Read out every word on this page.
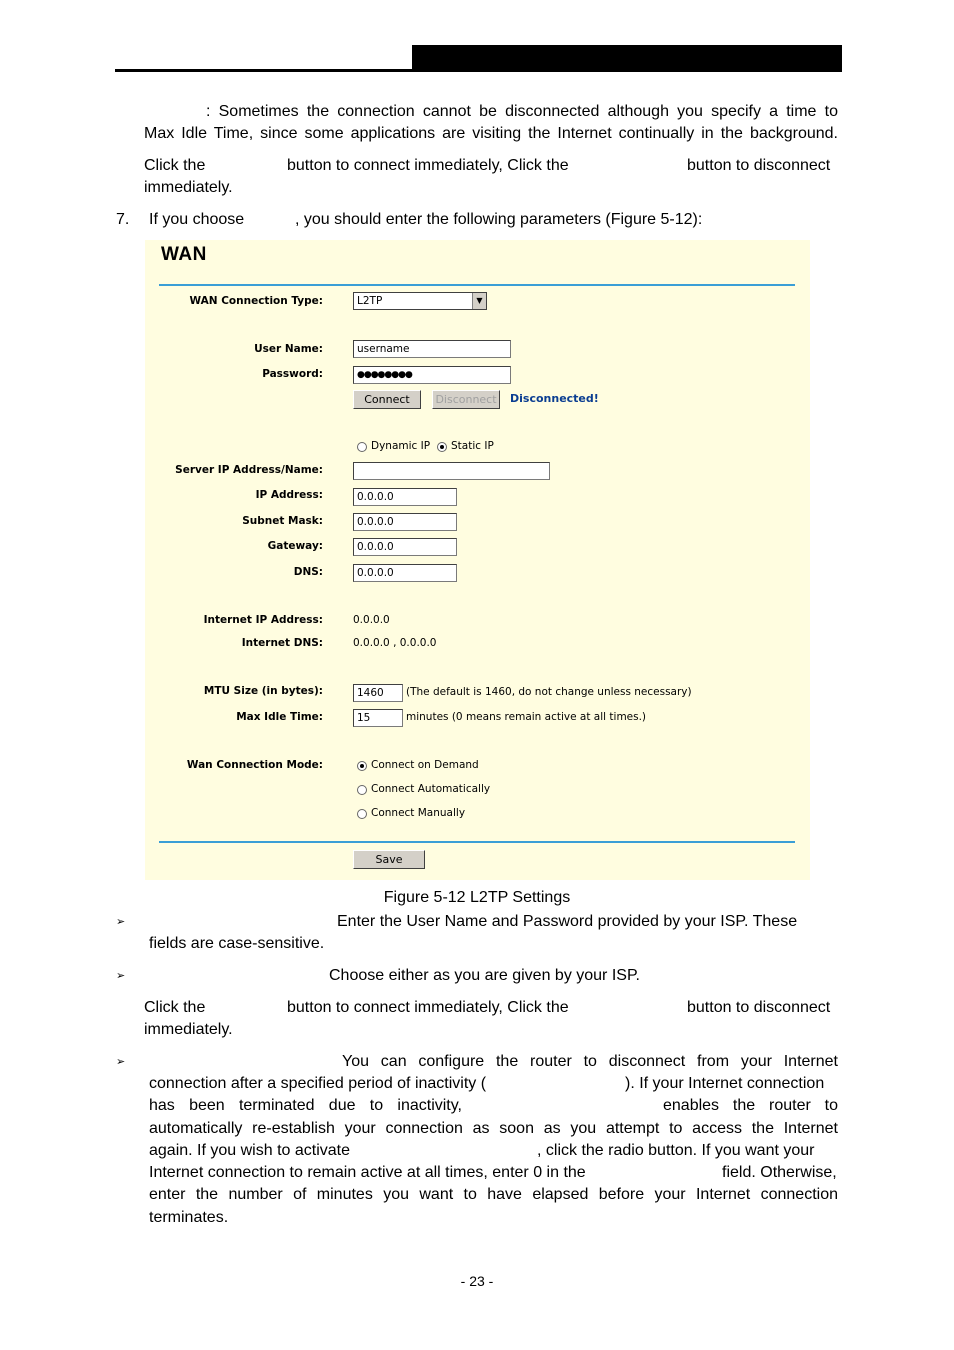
: Sometimes the connection cannot be disconnected although you specify a time to
Max Idle Time, since some applications are visiting the Internet continually in the background.
Click the	button to connect immediately, Click the	button to disconnect
immediately.
7. If you choose	, you should enter the following parameters (Figure 5-12):
WAN
WAN Connection Type:	L2TP	▼
User Name:	username
Password:	●●●●●●●●
Connect	Disconnect	Disconnected!
Dynamic IP Static IP
Server IP Address/Name:
IP Address:	0.0.0.0
Subnet Mask:	0.0.0.0
Gateway:	0.0.0.0
DNS:	0.0.0.0
Internet IP Address:	0.0.0.0
Internet DNS:	0.0.0.0 , 0.0.0.0
MTU Size (in bytes):	1460	(The default is 1460, do not change unless necessary)
Max Idle Time:	15	minutes (0 means remain active at all times.)
Wan Connection Mode:	Connect on Demand
Connect Automatically
Connect Manually
Save
Figure 5-12 L2TP Settings
➢	Enter the User Name and Password provided by your ISP. These
fields are case-sensitive.
➢	Choose either as you are given by your ISP.
Click the	button to connect immediately, Click the	button to disconnect
immediately.
➢	You can configure the router to disconnect from your Internet
connection after a specified period of inactivity (	). If your Internet connection
has been terminated due to inactivity,	enables the router to
automatically re-establish your connection as soon as you attempt to access the Internet
again. If you wish to activate	, click the radio button. If you want your
Internet connection to remain active at all times, enter 0 in the	field. Otherwise,
enter the number of minutes you want to have elapsed before your Internet connection
terminates.
- 23 -
